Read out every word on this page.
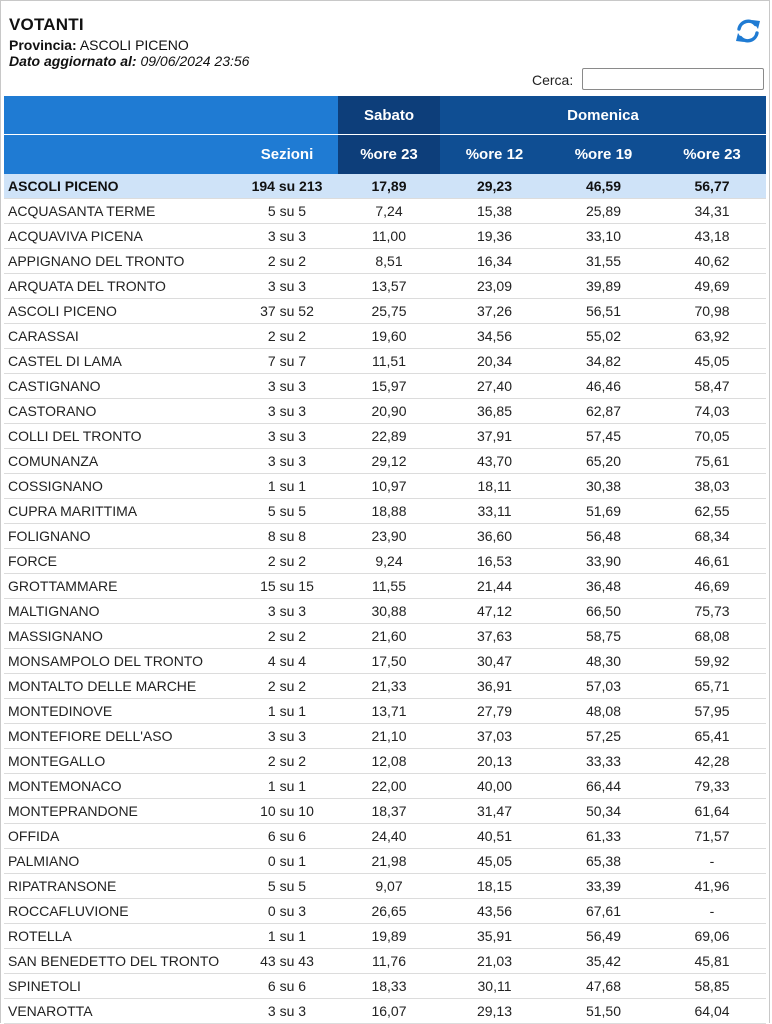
VOTANTI
Provincia: ASCOLI PICENO
Dato aggiornato al: 09/06/2024 23:56
Cerca:
		Sabato	Domenica		
	Sezioni	%ore 23	%ore 12	%ore 19	%ore 23
ASCOLI PICENO	194 su 213	17,89	29,23	46,59	56,77
ACQUASANTA TERME	5 su 5	7,24	15,38	25,89	34,31
ACQUAVIVA PICENA	3 su 3	11,00	19,36	33,10	43,18
APPIGNANO DEL TRONTO	2 su 2	8,51	16,34	31,55	40,62
ARQUATA DEL TRONTO	3 su 3	13,57	23,09	39,89	49,69
ASCOLI PICENO	37 su 52	25,75	37,26	56,51	70,98
CARASSAI	2 su 2	19,60	34,56	55,02	63,92
CASTEL DI LAMA	7 su 7	11,51	20,34	34,82	45,05
CASTIGNANO	3 su 3	15,97	27,40	46,46	58,47
CASTORANO	3 su 3	20,90	36,85	62,87	74,03
COLLI DEL TRONTO	3 su 3	22,89	37,91	57,45	70,05
COMUNANZA	3 su 3	29,12	43,70	65,20	75,61
COSSIGNANO	1 su 1	10,97	18,11	30,38	38,03
CUPRA MARITTIMA	5 su 5	18,88	33,11	51,69	62,55
FOLIGNANO	8 su 8	23,90	36,60	56,48	68,34
FORCE	2 su 2	9,24	16,53	33,90	46,61
GROTTAMMARE	15 su 15	11,55	21,44	36,48	46,69
MALTIGNANO	3 su 3	30,88	47,12	66,50	75,73
MASSIGNANO	2 su 2	21,60	37,63	58,75	68,08
MONSAMPOLO DEL TRONTO	4 su 4	17,50	30,47	48,30	59,92
MONTALTO DELLE MARCHE	2 su 2	21,33	36,91	57,03	65,71
MONTEDINOVE	1 su 1	13,71	27,79	48,08	57,95
MONTEFIORE DELL'ASO	3 su 3	21,10	37,03	57,25	65,41
MONTEGALLO	2 su 2	12,08	20,13	33,33	42,28
MONTEMONACO	1 su 1	22,00	40,00	66,44	79,33
MONTEPRANDONE	10 su 10	18,37	31,47	50,34	61,64
OFFIDA	6 su 6	24,40	40,51	61,33	71,57
PALMIANO	0 su 1	21,98	45,05	65,38	-
RIPATRANSONE	5 su 5	9,07	18,15	33,39	41,96
ROCCAFLUVIONE	0 su 3	26,65	43,56	67,61	-
ROTELLA	1 su 1	19,89	35,91	56,49	69,06
SAN BENEDETTO DEL TRONTO	43 su 43	11,76	21,03	35,42	45,81
SPINETOLI	6 su 6	18,33	30,11	47,68	58,85
VENAROTTA	3 su 3	16,07	29,13	51,50	64,04
